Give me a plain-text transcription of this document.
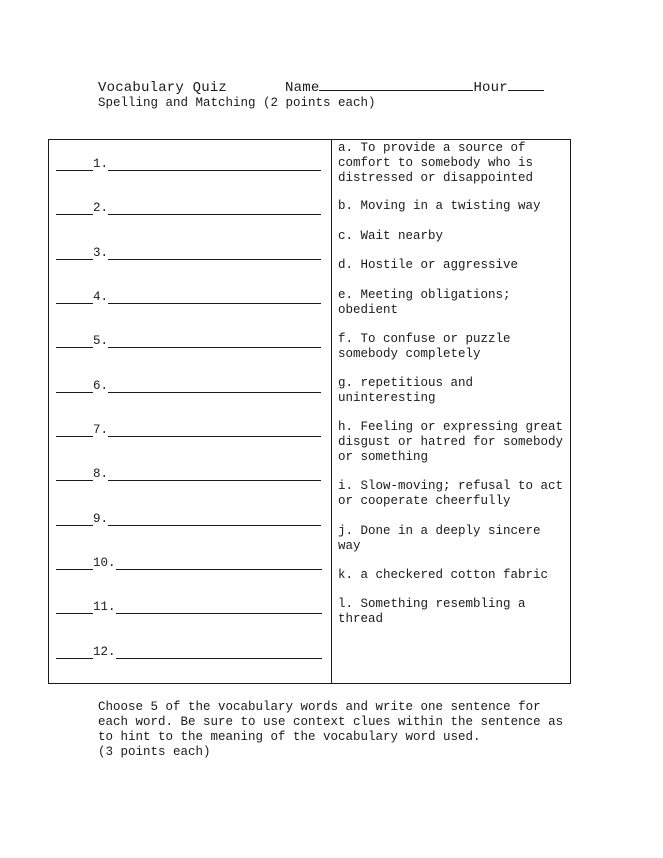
Vocabulary Quiz	Name	Hour
Spelling and Matching (2 points each)
1.
2.
3.
4.
5.
6.
7.
8.
9.
10.
11.
12.
a. To provide a source of comfort to somebody who is distressed or disappointed
b. Moving in a twisting way
c. Wait nearby
d. Hostile or aggressive
e. Meeting obligations; obedient
f. To confuse or puzzle somebody completely
g. repetitious and uninteresting
h. Feeling or expressing great disgust or hatred for somebody or something
i. Slow-moving; refusal to act or cooperate cheerfully
j. Done in a deeply sincere way
k. a checkered cotton fabric
l. Something resembling a thread
Choose 5 of the vocabulary words and write one sentence for each word. Be sure to use context clues within the sentence as to hint to the meaning of the vocabulary word used.
(3 points each)
